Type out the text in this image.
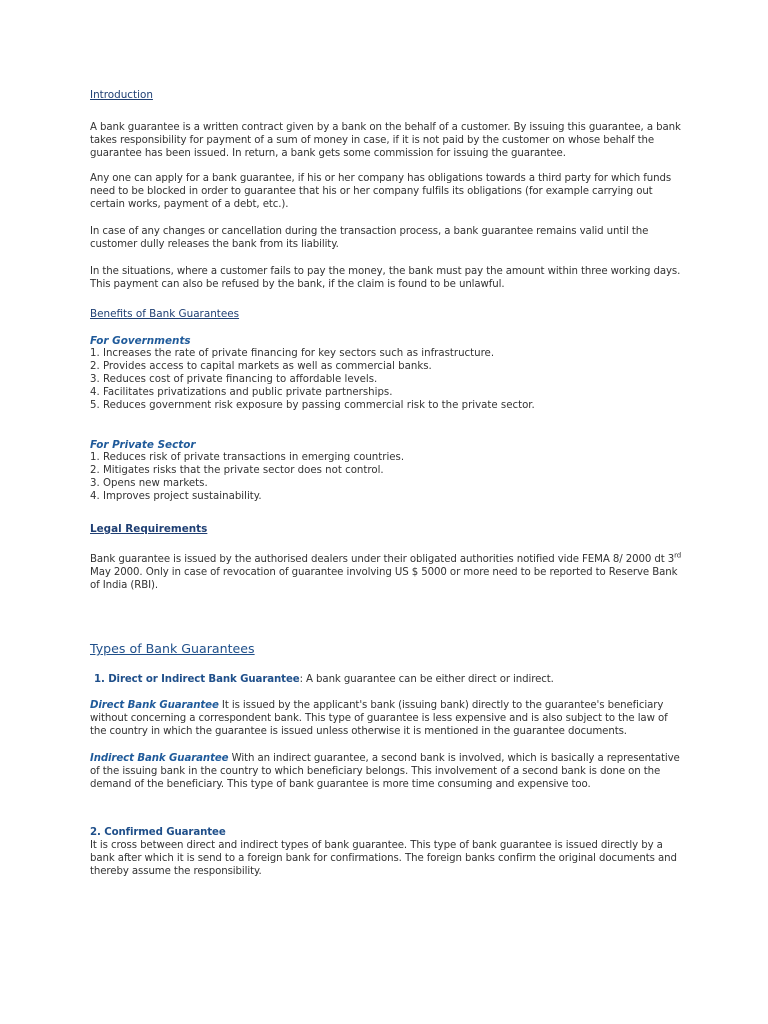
Introduction

A bank guarantee is a written contract given by a bank on the behalf of a customer. By issuing this guarantee, a bank takes responsibility for payment of a sum of money in case, if it is not paid by the customer on whose behalf the guarantee has been issued. In return, a bank gets some commission for issuing the guarantee.

Any one can apply for a bank guarantee, if his or her company has obligations towards a third party for which funds need to be blocked in order to guarantee that his or her company fulfils its obligations (for example carrying out certain works, payment of a debt, etc.).

In case of any changes or cancellation during the transaction process, a bank guarantee remains valid until the customer dully releases the bank from its liability.

In the situations, where a customer fails to pay the money, the bank must pay the amount within three working days. This payment can also be refused by the bank, if the claim is found to be unlawful.

Benefits of Bank Guarantees
For Governments
1. Increases the rate of private financing for key sectors such as infrastructure.
2. Provides access to capital markets as well as commercial banks.
3. Reduces cost of private financing to affordable levels.
4. Facilitates privatizations and public private partnerships.
5. Reduces government risk exposure by passing commercial risk to the private sector.
For Private Sector
1. Reduces risk of private transactions in emerging countries.
2. Mitigates risks that the private sector does not control.
3. Opens new markets.
4. Improves project sustainability.
Legal Requirements

Bank guarantee is issued by the authorised dealers under their obligated authorities notified vide FEMA 8/ 2000 dt 3rd May 2000. Only in case of revocation of guarantee involving US $ 5000 or more need to be reported to Reserve Bank of India (RBI).

Types of Bank Guarantees

1. Direct or Indirect Bank Guarantee: A bank guarantee can be either direct or indirect.

Direct Bank Guarantee It is issued by the applicant's bank (issuing bank) directly to the guarantee's beneficiary without concerning a correspondent bank. This type of guarantee is less expensive and is also subject to the law of the country in which the guarantee is issued unless otherwise it is mentioned in the guarantee documents.

Indirect Bank Guarantee With an indirect guarantee, a second bank is involved, which is basically a representative of the issuing bank in the country to which beneficiary belongs. This involvement of a second bank is done on the demand of the beneficiary. This type of bank guarantee is more time consuming and expensive too.

2. Confirmed Guarantee
It is cross between direct and indirect types of bank guarantee. This type of bank guarantee is issued directly by a bank after which it is send to a foreign bank for confirmations. The foreign banks confirm the original documents and thereby assume the responsibility.
